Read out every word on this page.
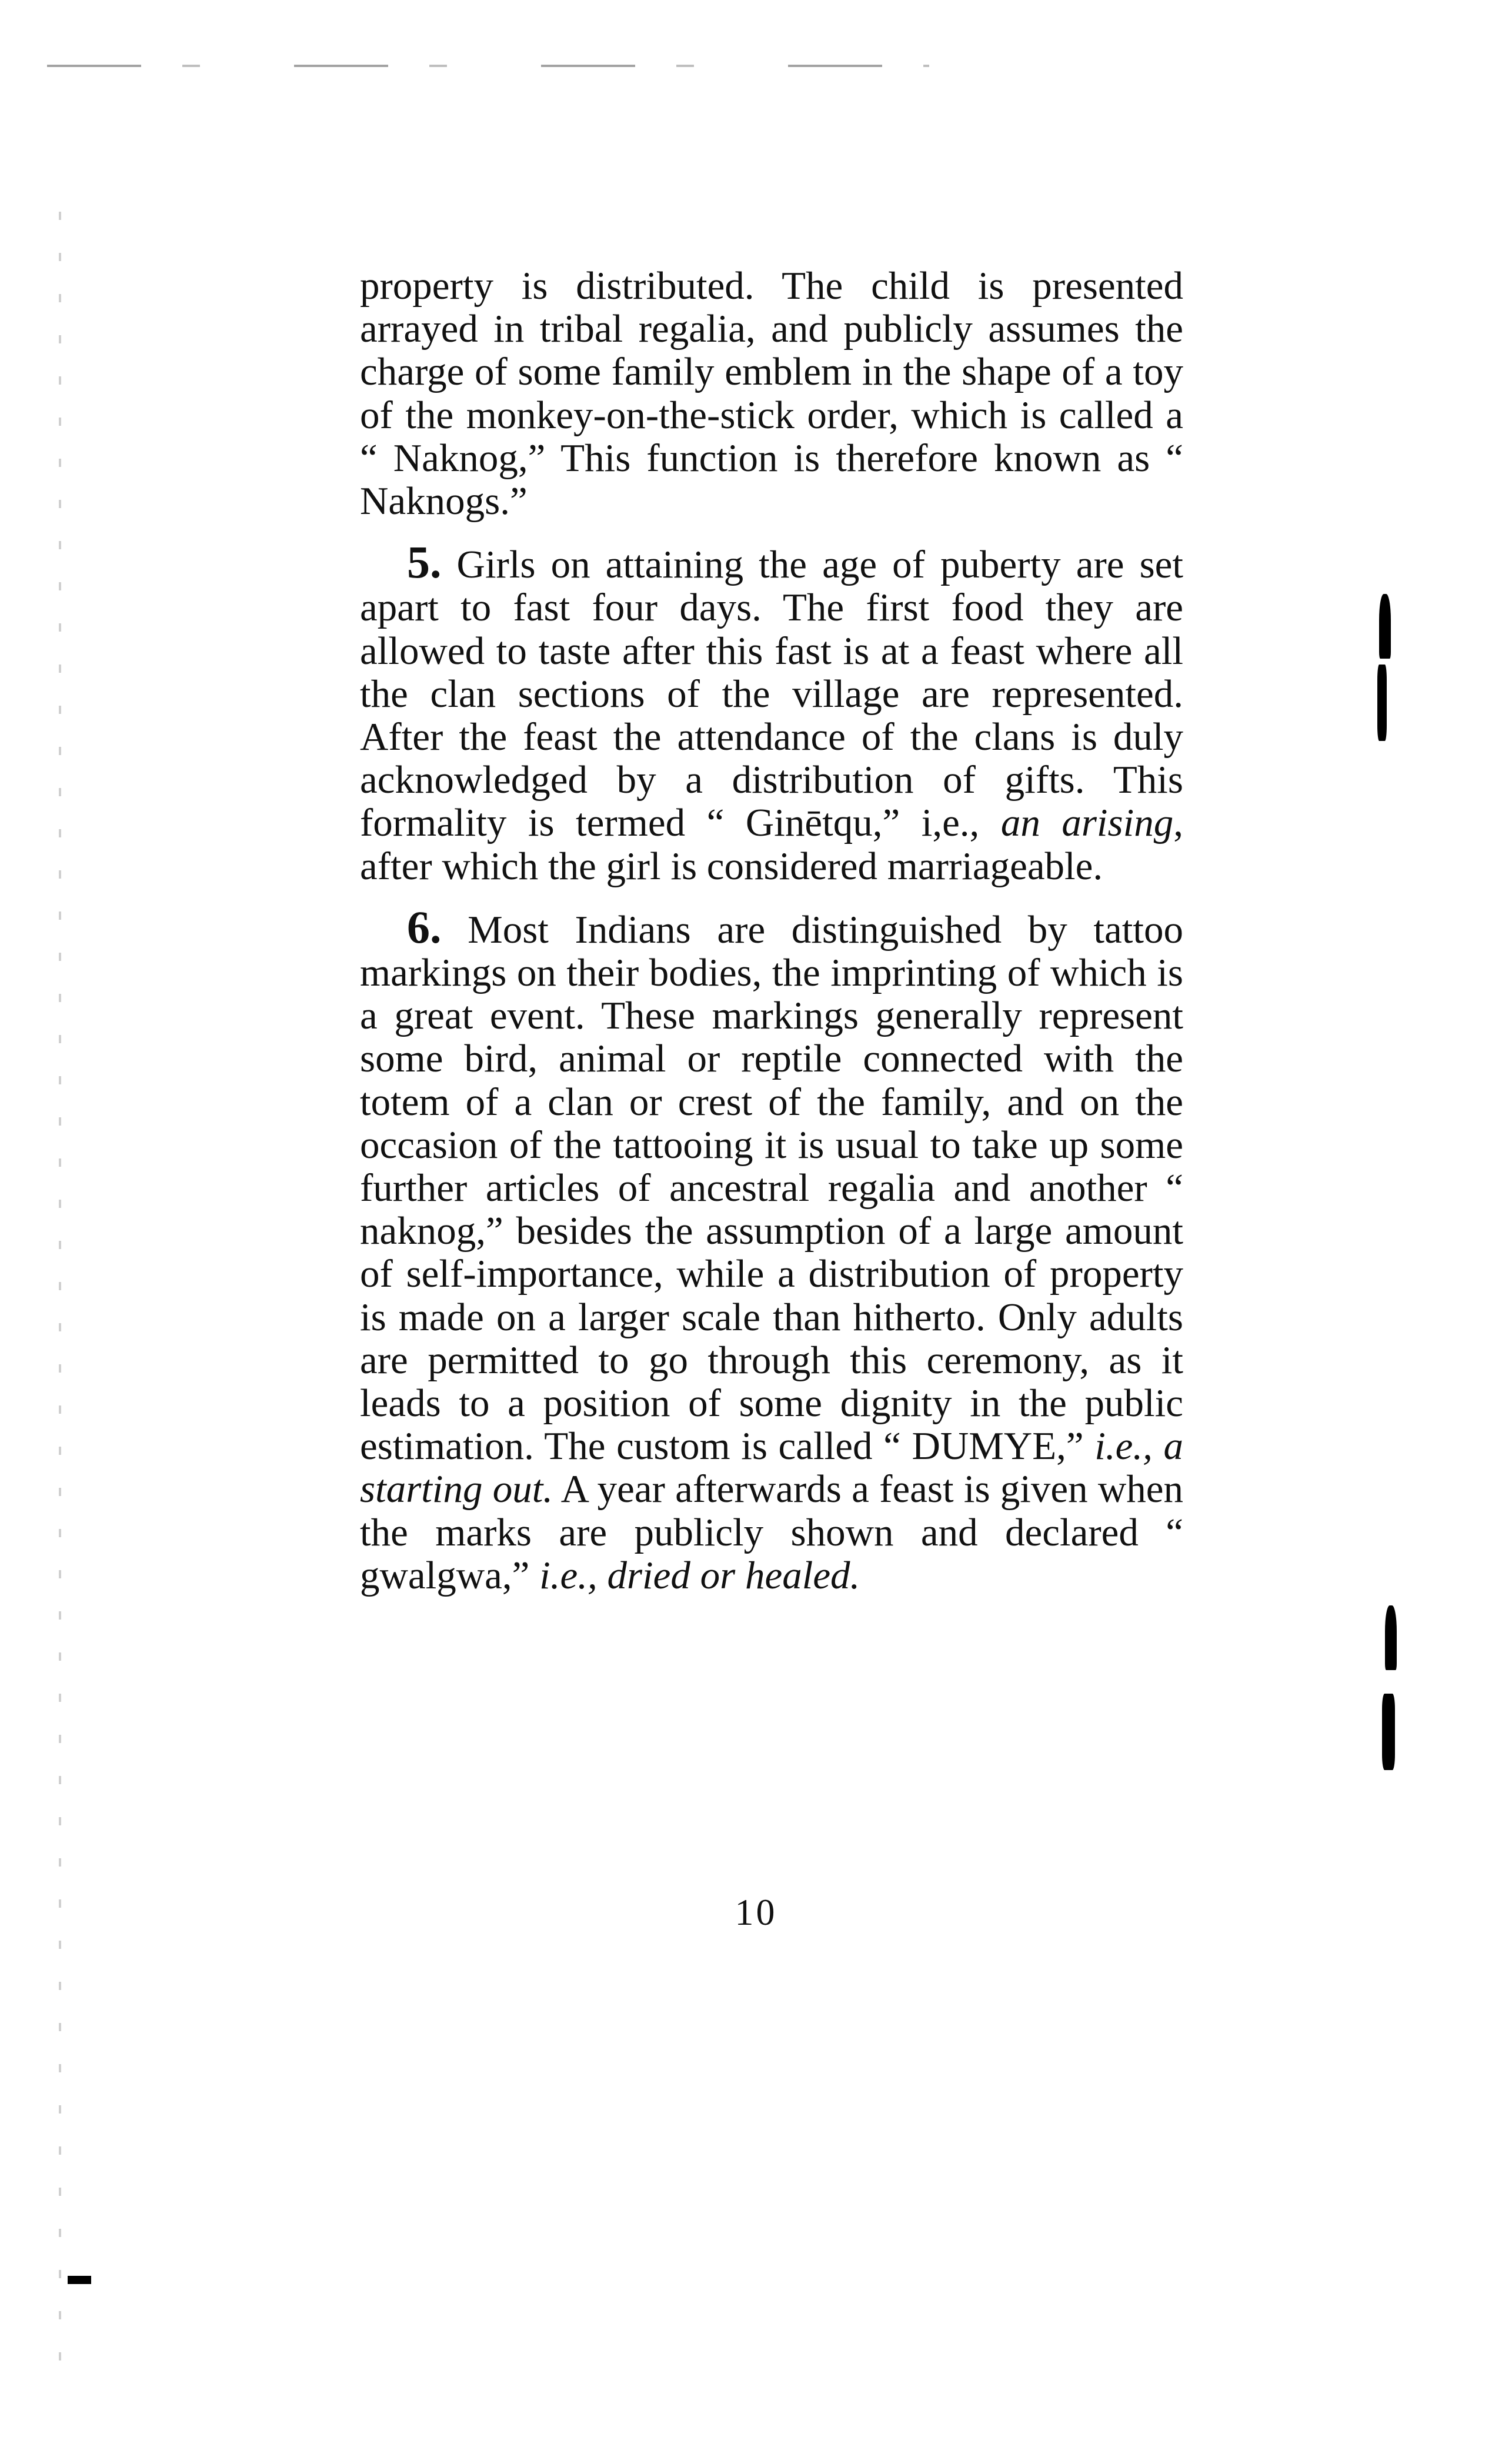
property is distributed. The child is presented arrayed in tribal regalia, and publicly assumes the charge of some family emblem in the shape of a toy of the monkey-on-the-stick order, which is called a “ Naknog,” This function is therefore known as “ Naknogs.”

5. Girls on attaining the age of puberty are set apart to fast four days. The first food they are allowed to taste after this fast is at a feast where all the clan sections of the village are represented. After the feast the attendance of the clans is duly acknowledged by a distribution of gifts. This formality is termed “ Ginētqu,” i,e., an arising, after which the girl is considered marriageable.

6. Most Indians are distinguished by tattoo markings on their bodies, the imprinting of which is a great event. These markings generally represent some bird, animal or reptile connected with the totem of a clan or crest of the family, and on the occasion of the tattooing it is usual to take up some further articles of ancestral regalia and another “ naknog,” besides the assumption of a large amount of self-importance, while a distribution of property is made on a larger scale than hitherto. Only adults are permitted to go through this ceremony, as it leads to a position of some dignity in the public estimation. The custom is called “ DUMYE,” i.e., a starting out. A year afterwards a feast is given when the marks are publicly shown and declared “ gwalgwa,” i.e., dried or healed.

10
